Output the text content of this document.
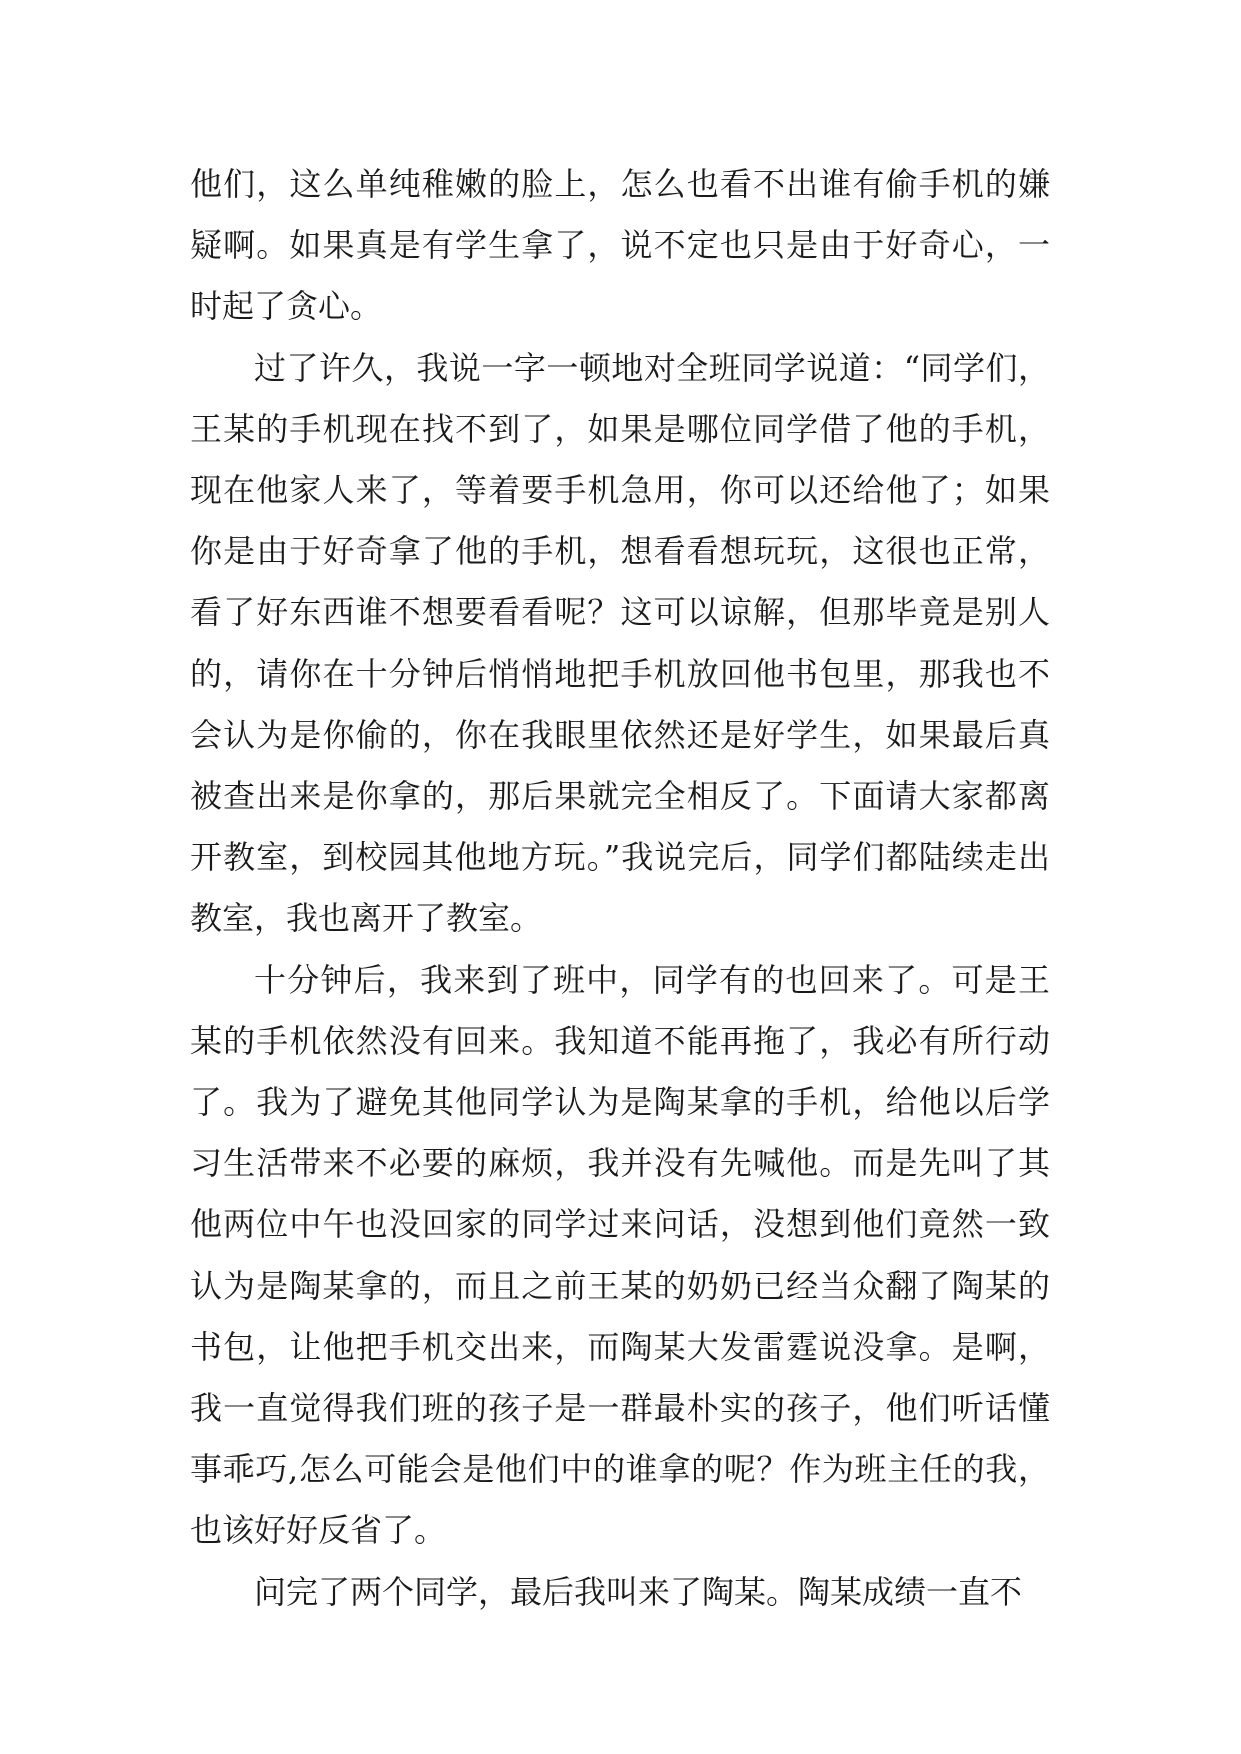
他们，这么单纯稚嫩的脸上，怎么也看不出谁有偷手机的嫌疑啊。如果真是有学生拿了，说不定也只是由于好奇心，一时起了贪心。

过了许久，我说一字一顿地对全班同学说道：“同学们，王某的手机现在找不到了，如果是哪位同学借了他的手机，现在他家人来了，等着要手机急用，你可以还给他了；如果你是由于好奇拿了他的手机，想看看想玩玩，这很也正常，看了好东西谁不想要看看呢？这可以谅解，但那毕竟是别人的，请你在十分钟后悄悄地把手机放回他书包里，那我也不会认为是你偷的，你在我眼里依然还是好学生，如果最后真被查出来是你拿的，那后果就完全相反了。下面请大家都离开教室，到校园其他地方玩。”我说完后，同学们都陆续走出教室，我也离开了教室。

十分钟后，我来到了班中，同学有的也回来了。可是王某的手机依然没有回来。我知道不能再拖了，我必有所行动了。我为了避免其他同学认为是陶某拿的手机，给他以后学习生活带来不必要的麻烦，我并没有先喊他。而是先叫了其他两位中午也没回家的同学过来问话，没想到他们竟然一致认为是陶某拿的，而且之前王某的奶奶已经当众翻了陶某的书包，让他把手机交出来，而陶某大发雷霆说没拿。是啊，我一直觉得我们班的孩子是一群最朴实的孩子，他们听话懂事乖巧,怎么可能会是他们中的谁拿的呢？作为班主任的我，也该好好反省了。

问完了两个同学，最后我叫来了陶某。陶某成绩一直不
